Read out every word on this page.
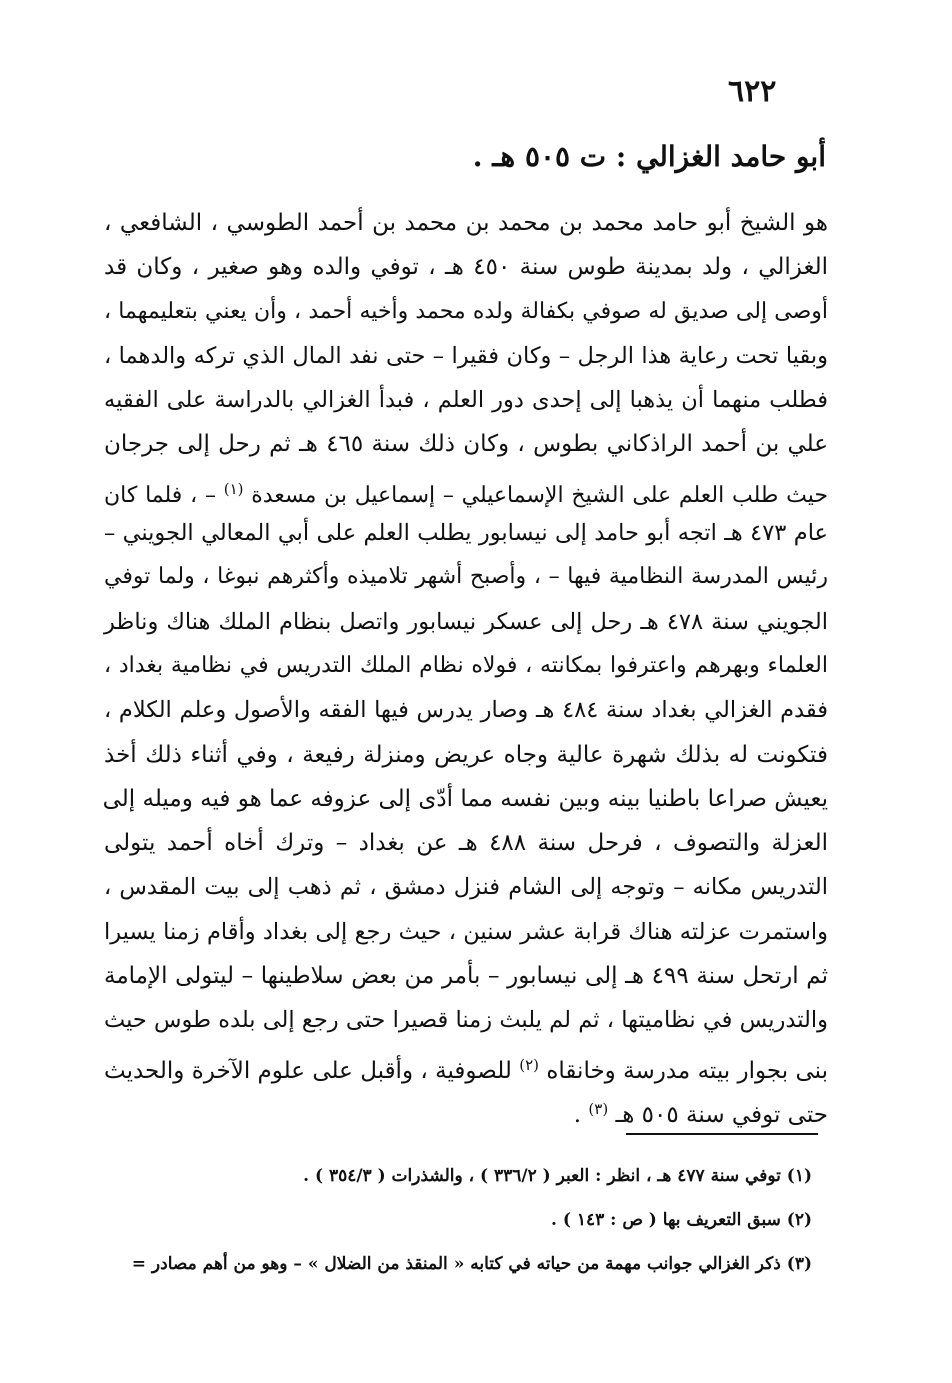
٦٢٢
أبو حامد الغزالي : ت ٥٠٥ هـ .
هو الشيخ أبو حامد محمد بن محمد بن محمد بن أحمد الطوسي ، الشافعي ،
الغزالي ، ولد بمدينة طوس سنة ٤٥٠ هـ ، توفي والده وهو صغير ، وكان قد
أوصى إلى صديق له صوفي بكفالة ولده محمد وأخيه أحمد ، وأن يعني بتعليمهما ،
وبقيا تحت رعاية هذا الرجل – وكان فقيرا – حتى نفد المال الذي تركه والدهما ،
فطلب منهما أن يذهبا إلى إحدى دور العلم ، فبدأ الغزالي بالدراسة على الفقيه
علي بن أحمد الراذكاني بطوس ، وكان ذلك سنة ٤٦٥ هـ ثم رحل إلى جرجان
حيث طلب العلم على الشيخ الإسماعيلي – إسماعيل بن مسعدة $^{(١)}$ – ، فلما كان
عام ٤٧٣ هـ اتجه أبو حامد إلى نيسابور يطلب العلم على أبي المعالي الجويني –
رئيس المدرسة النظامية فيها – ، وأصبح أشهر تلاميذه وأكثرهم نبوغا ، ولما توفي
الجويني سنة ٤٧٨ هـ رحل إلى عسكر نيسابور واتصل بنظام الملك هناك وناظر
العلماء وبهرهم واعترفوا بمكانته ، فولاه نظام الملك التدريس في نظامية بغداد ،
فقدم الغزالي بغداد سنة ٤٨٤ هـ وصار يدرس فيها الفقه والأصول وعلم الكلام ،
فتكونت له بذلك شهرة عالية وجاه عريض ومنزلة رفيعة ، وفي أثناء ذلك أخذ
يعيش صراعا باطنيا بينه وبين نفسه مما أدّى إلى عزوفه عما هو فيه وميله إلى
العزلة والتصوف ، فرحل سنة ٤٨٨ هـ عن بغداد – وترك أخاه أحمد يتولى
التدريس مكانه – وتوجه إلى الشام فنزل دمشق ، ثم ذهب إلى بيت المقدس ،
واستمرت عزلته هناك قرابة عشر سنين ، حيث رجع إلى بغداد وأقام زمنا يسيرا
ثم ارتحل سنة ٤٩٩ هـ إلى نيسابور – بأمر من بعض سلاطينها – ليتولى الإمامة
والتدريس في نظاميتها ، ثم لم يلبث زمنا قصيرا حتى رجع إلى بلده طوس حيث
بنى بجوار بيته مدرسة وخانقاه $^{(٢)}$ للصوفية ، وأقبل على علوم الآخرة والحديث
حتى توفي سنة ٥٠٥ هـ $^{(٣)}$ .
(١) توفي سنة ٤٧٧ هـ ، انظر : العبر ( ٣٣٦/٢ ) ، والشذرات ( ٣٥٤/٣ ) .
(٢) سبق التعريف بها ( ص : ١٤٣ ) .
(٣) ذكر الغزالي جوانب مهمة من حياته في كتابه « المنقذ من الضلال » – وهو من أهم مصادر =
